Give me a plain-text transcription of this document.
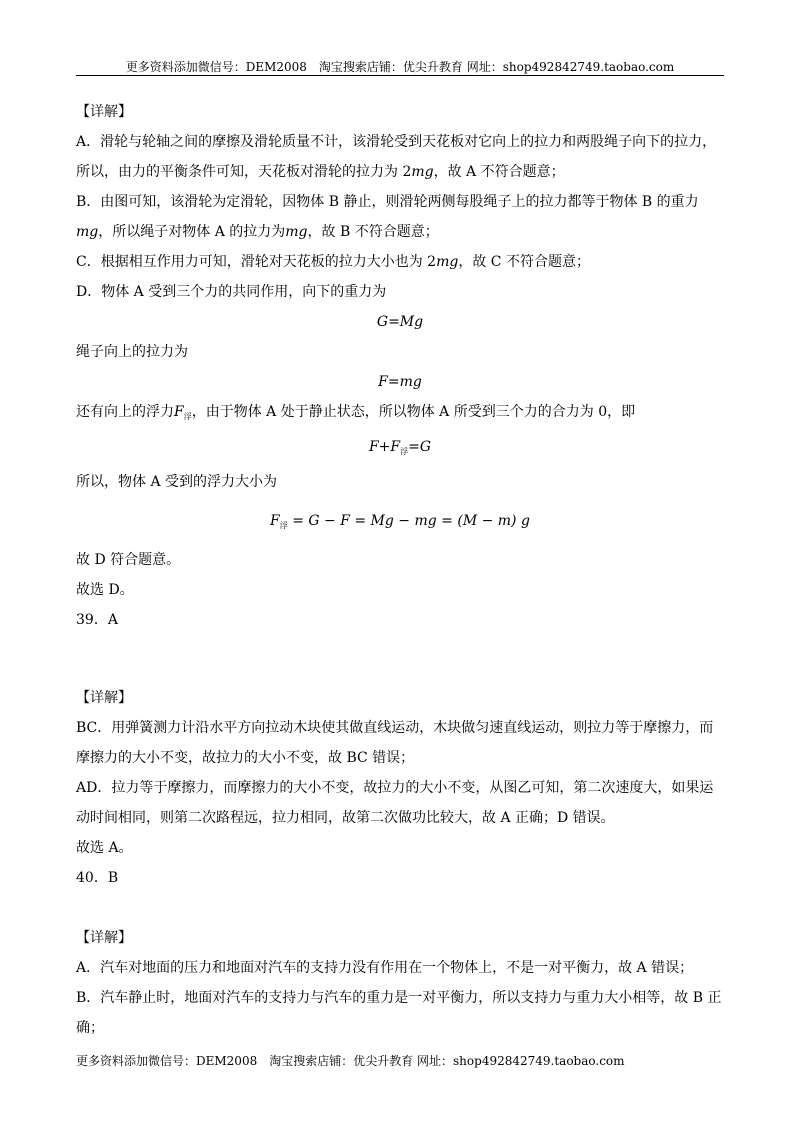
更多资料添加微信号：DEM2008　淘宝搜索店铺：优尖升教育 网址：shop492842749.taobao.com

【详解】

A．滑轮与轮轴之间的摩擦及滑轮质量不计，该滑轮受到天花板对它向上的拉力和两股绳子向下的拉力，

所以，由力的平衡条件可知，天花板对滑轮的拉力为 2mg，故 A 不符合题意；

B．由图可知，该滑轮为定滑轮，因物体 B 静止，则滑轮两侧每股绳子上的拉力都等于物体 B 的重力

mg，所以绳子对物体 A 的拉力为mg，故 B 不符合题意；

C．根据相互作用力可知，滑轮对天花板的拉力大小也为 2mg，故 C 不符合题意；

D．物体 A 受到三个力的共同作用，向下的重力为

G=Mg

绳子向上的拉力为

F=mg

还有向上的浮力$F_浮$，由于物体 A 处于静止状态，所以物体 A 所受到三个力的合力为 0，即

$F+F_浮=G$

所以，物体 A 受到的浮力大小为

$F_浮 = G - F = Mg$ − mg = (M − m) g

故 D 符合题意。

故选 D。

39．A

【详解】

BC．用弹簧测力计沿水平方向拉动木块使其做直线运动，木块做匀速直线运动，则拉力等于摩擦力，而

摩擦力的大小不变，故拉力的大小不变，故 BC 错误；

AD．拉力等于摩擦力，而摩擦力的大小不变，故拉力的大小不变，从图乙可知，第二次速度大，如果运

动时间相同，则第二次路程远，拉力相同，故第二次做功比较大，故 A 正确；D 错误。

故选 A。

40．B

【详解】

A．汽车对地面的压力和地面对汽车的支持力没有作用在一个物体上，不是一对平衡力，故 A 错误；

B．汽车静止时，地面对汽车的支持力与汽车的重力是一对平衡力，所以支持力与重力大小相等，故 B 正

确；

更多资料添加微信号：DEM2008　淘宝搜索店铺：优尖升教育 网址：shop492842749.taobao.com
